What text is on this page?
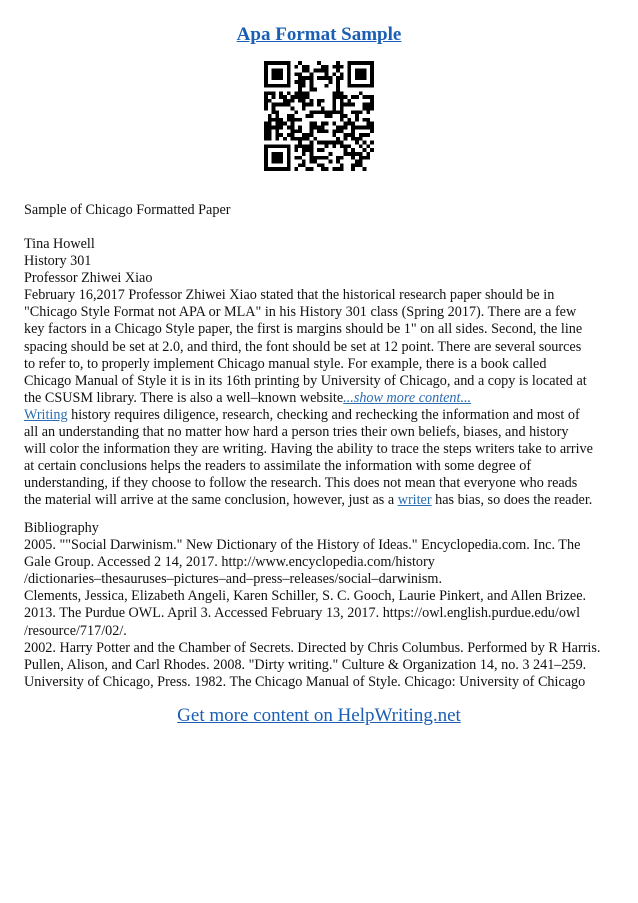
Apa Format Sample
Sample of Chicago Formatted Paper
Tina Howell
History 301
Professor Zhiwei Xiao
February 16,2017 Professor Zhiwei Xiao stated that the historical research paper should be in
"Chicago Style Format not APA or MLA" in his History 301 class (Spring 2017). There are a few
key factors in a Chicago Style paper, the first is margins should be 1" on all sides. Second, the line
spacing should be set at 2.0, and third, the font should be set at 12 point. There are several sources
to refer to, to properly implement Chicago manual style. For example, there is a book called
Chicago Manual of Style it is in its 16th printing by University of Chicago, and a copy is located at
the CSUSM library. There is also a well–known website...show more content...
Writing history requires diligence, research, checking and rechecking the information and most of
all an understanding that no matter how hard a person tries their own beliefs, biases, and history
will color the information they are writing. Having the ability to trace the steps writers take to arrive
at certain conclusions helps the readers to assimilate the information with some degree of
understanding, if they choose to follow the research. This does not mean that everyone who reads
the material will arrive at the same conclusion, however, just as a writer has bias, so does the reader.
Bibliography
2005. ""Social Darwinism." New Dictionary of the History of Ideas." Encyclopedia.com. Inc. The
Gale Group. Accessed 2 14, 2017. http://www.encyclopedia.com/history
/dictionaries–thesauruses–pictures–and–press–releases/social–darwinism.
Clements, Jessica, Elizabeth Angeli, Karen Schiller, S. C. Gooch, Laurie Pinkert, and Allen Brizee.
2013. The Purdue OWL. April 3. Accessed February 13, 2017. https://owl.english.purdue.edu/owl
/resource/717/02/.
2002. Harry Potter and the Chamber of Secrets. Directed by Chris Columbus. Performed by R Harris.
Pullen, Alison, and Carl Rhodes. 2008. "Dirty writing." Culture & Organization 14, no. 3 241–259.
University of Chicago, Press. 1982. The Chicago Manual of Style. Chicago: University of Chicago
Get more content on HelpWriting.net
